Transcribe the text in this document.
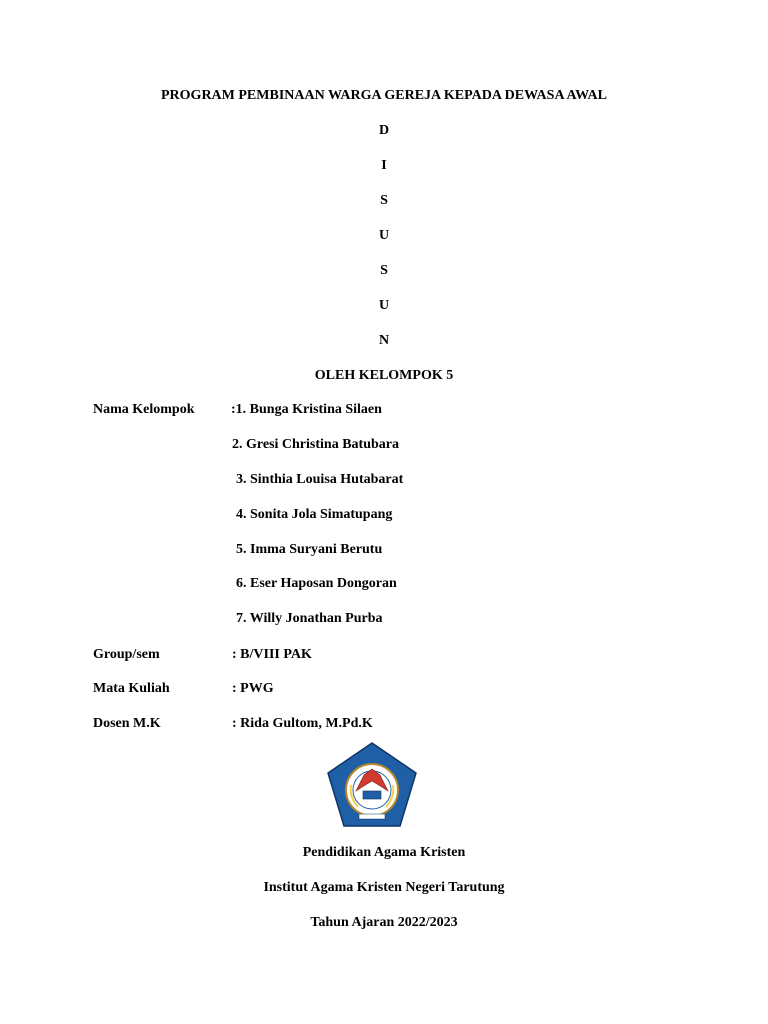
PROGRAM PEMBINAAN WARGA GEREJA KEPADA DEWASA AWAL
D
I
S
U
S
U
N
OLEH KELOMPOK 5
Nama Kelompok	:1. Bunga Kristina Silaen
2. Gresi Christina Batubara
3. Sinthia Louisa Hutabarat
4. Sonita Jola Simatupang
5. Imma Suryani Berutu
6. Eser Haposan Dongoran
7. Willy Jonathan Purba
Group/sem	: B/VIII PAK
Mata Kuliah	: PWG
Dosen M.K	: Rida Gultom, M.Pd.K
Pendidikan Agama Kristen
Institut Agama Kristen Negeri Tarutung
Tahun Ajaran 2022/2023
